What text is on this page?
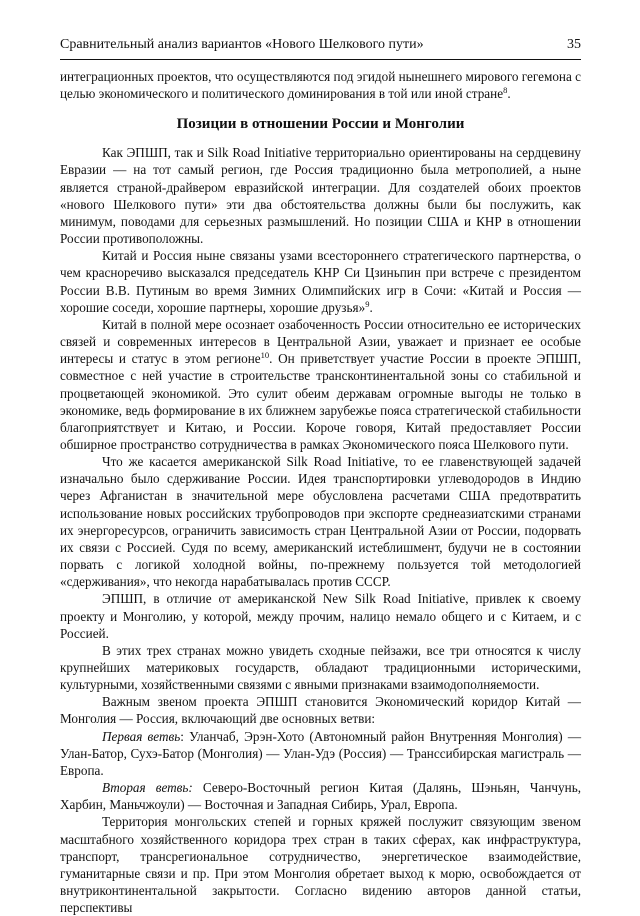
Сравнительный анализ вариантов «Нового Шелкового пути»	35

интеграционных проектов, что осуществляются под эгидой нынешнего мирового гегемона с целью экономического и политического доминирования в той или иной стране$^8$.

Позиции в отношении России и Монголии

Как ЭПШП, так и Silk Road Initiative территориально ориентированы на сердцевину Евразии — на тот самый регион, где Россия традиционно была метрополией, а ныне является страной-драйвером евразийской интеграции. Для создателей обоих проектов «нового Шелкового пути» эти два обстоятельства должны были бы послужить, как минимум, поводами для серьезных размышлений. Но позиции США и КНР в отношении России противоположны.

Китай и Россия ныне связаны узами всестороннего стратегического партнерства, о чем красноречиво высказался председатель КНР Си Цзиньпин при встрече с президентом России В.В. Путиным во время Зимних Олимпийских игр в Сочи: «Китай и Россия — хорошие соседи, хорошие партнеры, хорошие друзья»$^9$.

Китай в полной мере осознает озабоченность России относительно ее исторических связей и современных интересов в Центральной Азии, уважает и признает ее особые интересы и статус в этом регионе$^{10}$. Он приветствует участие России в проекте ЭПШП, совместное с ней участие в строительстве трансконтинентальной зоны со стабильной и процветающей экономикой. Это сулит обеим державам огромные выгоды не только в экономике, ведь формирование в их ближнем зарубежье пояса стратегической стабильности благоприятствует и Китаю, и России. Короче говоря, Китай предоставляет России обширное пространство сотрудничества в рамках Экономического пояса Шелкового пути.

Что же касается американской Silk Road Initiative, то ее главенствующей задачей изначально было сдерживание России. Идея транспортировки углеводородов в Индию через Афганистан в значительной мере обусловлена расчетами США предотвратить использование новых российских трубопроводов при экспорте среднеазиатскими странами их энергоресурсов, ограничить зависимость стран Центральной Азии от России, подорвать их связи с Россией. Судя по всему, американский истеблишмент, будучи не в состоянии порвать с логикой холодной войны, по-прежнему пользуется той методологией «сдерживания», что некогда нарабатывалась против СССР.

ЭПШП, в отличие от американской New Silk Road Initiative, привлек к своему проекту и Монголию, у которой, между прочим, налицо немало общего и с Китаем, и с Россией.

В этих трех странах можно увидеть сходные пейзажи, все три относятся к числу крупнейших материковых государств, обладают традиционными историческими, культурными, хозяйственными связями с явными признаками взаимодополняемости.

Важным звеном проекта ЭПШП становится Экономический коридор Китай — Монголия — Россия, включающий две основных ветви:

Первая ветвь: Уланчаб, Эрэн-Хото (Автономный район Внутренняя Монголия) — Улан-Батор, Сухэ-Батор (Монголия) — Улан-Удэ (Россия) — Транссибирская магистраль — Европа.

Вторая ветвь: Северо-Восточный регион Китая (Далянь, Шэньян, Чанчунь, Харбин, Маньчжоули) — Восточная и Западная Сибирь, Урал, Европа.

Территория монгольских степей и горных кряжей послужит связующим звеном масштабного хозяйственного коридора трех стран в таких сферах, как инфраструктура, транспорт, трансрегиональное сотрудничество, энергетическое взаимодействие, гуманитарные связи и пр. При этом Монголия обретает выход к морю, освобождается от внутриконтинентальной закрытости. Согласно видению авторов данной статьи, перспективы
